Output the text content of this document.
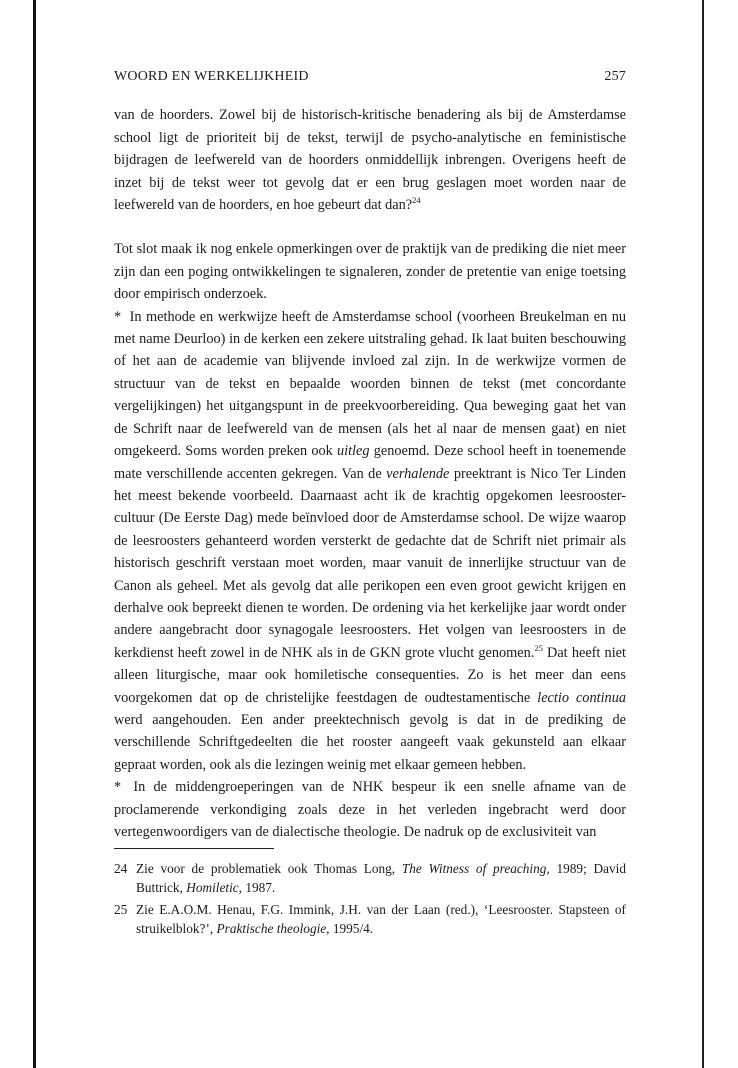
WOORD EN WERKELIJKHEID	257

van de hoorders. Zowel bij de historisch-kritische benadering als bij de Amsterdamse school ligt de prioriteit bij de tekst, terwijl de psycho-analytische en feministische bijdragen de leefwereld van de hoorders onmiddellijk inbrengen. Overigens heeft de inzet bij de tekst weer tot gevolg dat er een brug geslagen moet worden naar de leefwereld van de hoorders, en hoe gebeurt dat dan?$^{24}$

Tot slot maak ik nog enkele opmerkingen over de praktijk van de prediking die niet meer zijn dan een poging ontwikkelingen te signaleren, zonder de pretentie van enige toetsing door empirisch onderzoek.

* In methode en werkwijze heeft de Amsterdamse school (voorheen Breukelman en nu met name Deurloo) in de kerken een zekere uitstraling gehad. Ik laat buiten beschouwing of het aan de academie van blijvende invloed zal zijn. In de werkwijze vormen de structuur van de tekst en bepaalde woorden binnen de tekst (met concordante vergelijkingen) het uitgangspunt in de preekvoorbereiding. Qua beweging gaat het van de Schrift naar de leefwereld van de mensen (als het al naar de mensen gaat) en niet omgekeerd. Soms worden preken ook uitleg genoemd. Deze school heeft in toenemende mate verschillende accenten gekregen. Van de verhalende preektrant is Nico Ter Linden het meest bekende voorbeeld. Daarnaast acht ik de krachtig opgekomen leesrooster-cultuur (De Eerste Dag) mede beïnvloed door de Amsterdamse school. De wijze waarop de leesroosters gehanteerd worden versterkt de gedachte dat de Schrift niet primair als historisch geschrift verstaan moet worden, maar vanuit de innerlijke structuur van de Canon als geheel. Met als gevolg dat alle perikopen een even groot gewicht krijgen en derhalve ook bepreekt dienen te worden. De ordening via het kerkelijke jaar wordt onder andere aangebracht door synagogale leesroosters. Het volgen van leesroosters in de kerkdienst heeft zowel in de NHK als in de GKN grote vlucht genomen.$^{25}$ Dat heeft niet alleen liturgische, maar ook homiletische consequenties. Zo is het meer dan eens voorgekomen dat op de christelijke feestdagen de oudtestamentische lectio continua werd aangehouden. Een ander preektechnisch gevolg is dat in de prediking de verschillende Schriftgedeelten die het rooster aangeeft vaak gekunsteld aan elkaar gepraat worden, ook als die lezingen weinig met elkaar gemeen hebben.

* In de middengroeperingen van de NHK bespeur ik een snelle afname van de proclamerende verkondiging zoals deze in het verleden ingebracht werd door vertegenwoordigers van de dialectische theologie. De nadruk op de exclusiviteit van

24 Zie voor de problematiek ook Thomas Long, The Witness of preaching, 1989; David Buttrick, Homiletic, 1987.
25 Zie E.A.O.M. Henau, F.G. Immink, J.H. van der Laan (red.), ‘Leesrooster. Stapsteen of struikelblok?’, Praktische theologie, 1995/4.
